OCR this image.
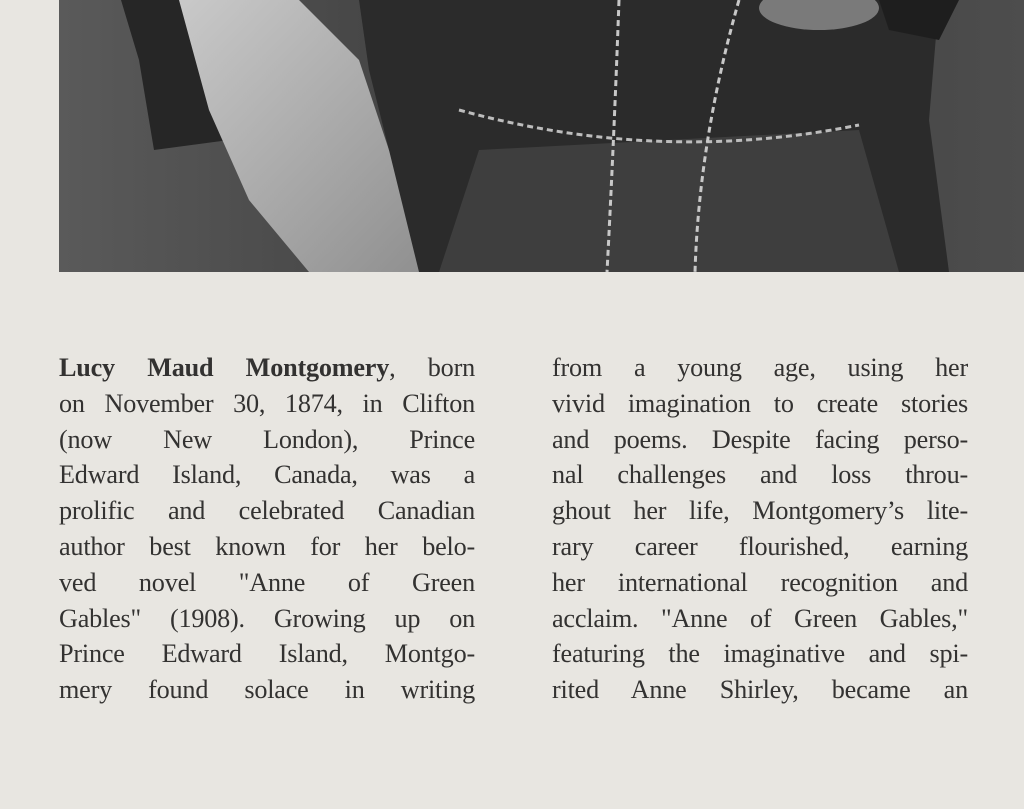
Lucy Maud Montgomery, born
on November 30, 1874, in Clifton
(now New London), Prince
Edward Island, Canada, was a
prolific and celebrated Canadian
author best known for her belo-
ved novel "Anne of Green
Gables" (1908). Growing up on
Prince Edward Island, Montgo-
mery found solace in writing
from a young age, using her
vivid imagination to create stories
and poems. Despite facing perso-
nal challenges and loss throu-
ghout her life, Montgomery’s lite-
rary career flourished, earning
her international recognition and
acclaim. "Anne of Green Gables,"
featuring the imaginative and spi-
rited Anne Shirley, became an
